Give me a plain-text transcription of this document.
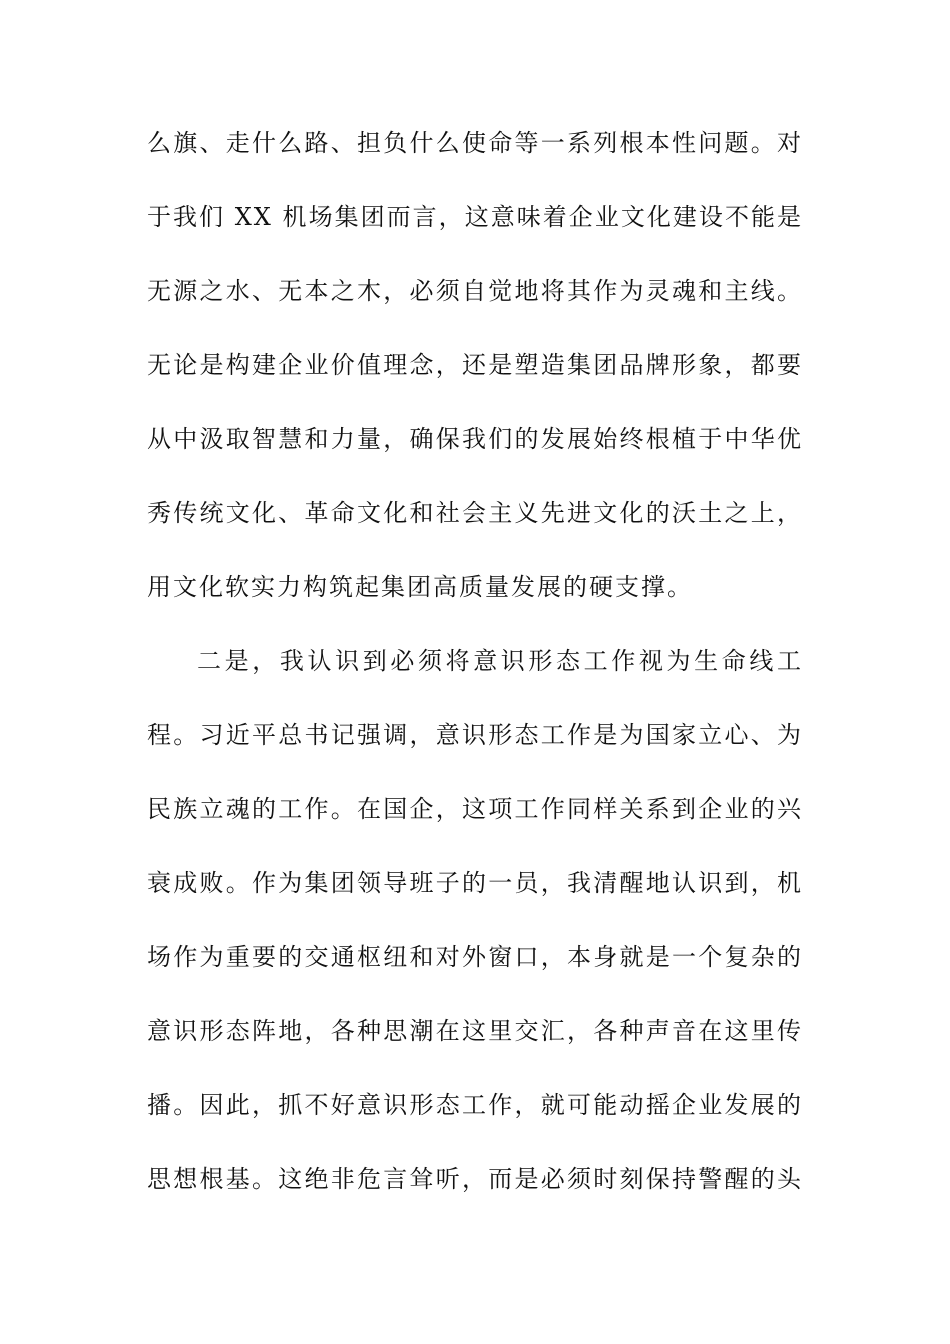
么旗、走什么路、担负什么使命等一系列根本性问题。对
于我们 XX 机场集团而言，这意味着企业文化建设不能是
无源之水、无本之木，必须自觉地将其作为灵魂和主线。
无论是构建企业价值理念，还是塑造集团品牌形象，都要
从中汲取智慧和力量，确保我们的发展始终根植于中华优
秀传统文化、革命文化和社会主义先进文化的沃土之上，
用文化软实力构筑起集团高质量发展的硬支撑。
二是，我认识到必须将意识形态工作视为生命线工
程。习近平总书记强调，意识形态工作是为国家立心、为
民族立魂的工作。在国企，这项工作同样关系到企业的兴
衰成败。作为集团领导班子的一员，我清醒地认识到，机
场作为重要的交通枢纽和对外窗口，本身就是一个复杂的
意识形态阵地，各种思潮在这里交汇，各种声音在这里传
播。因此，抓不好意识形态工作，就可能动摇企业发展的
思想根基。这绝非危言耸听，而是必须时刻保持警醒的头
